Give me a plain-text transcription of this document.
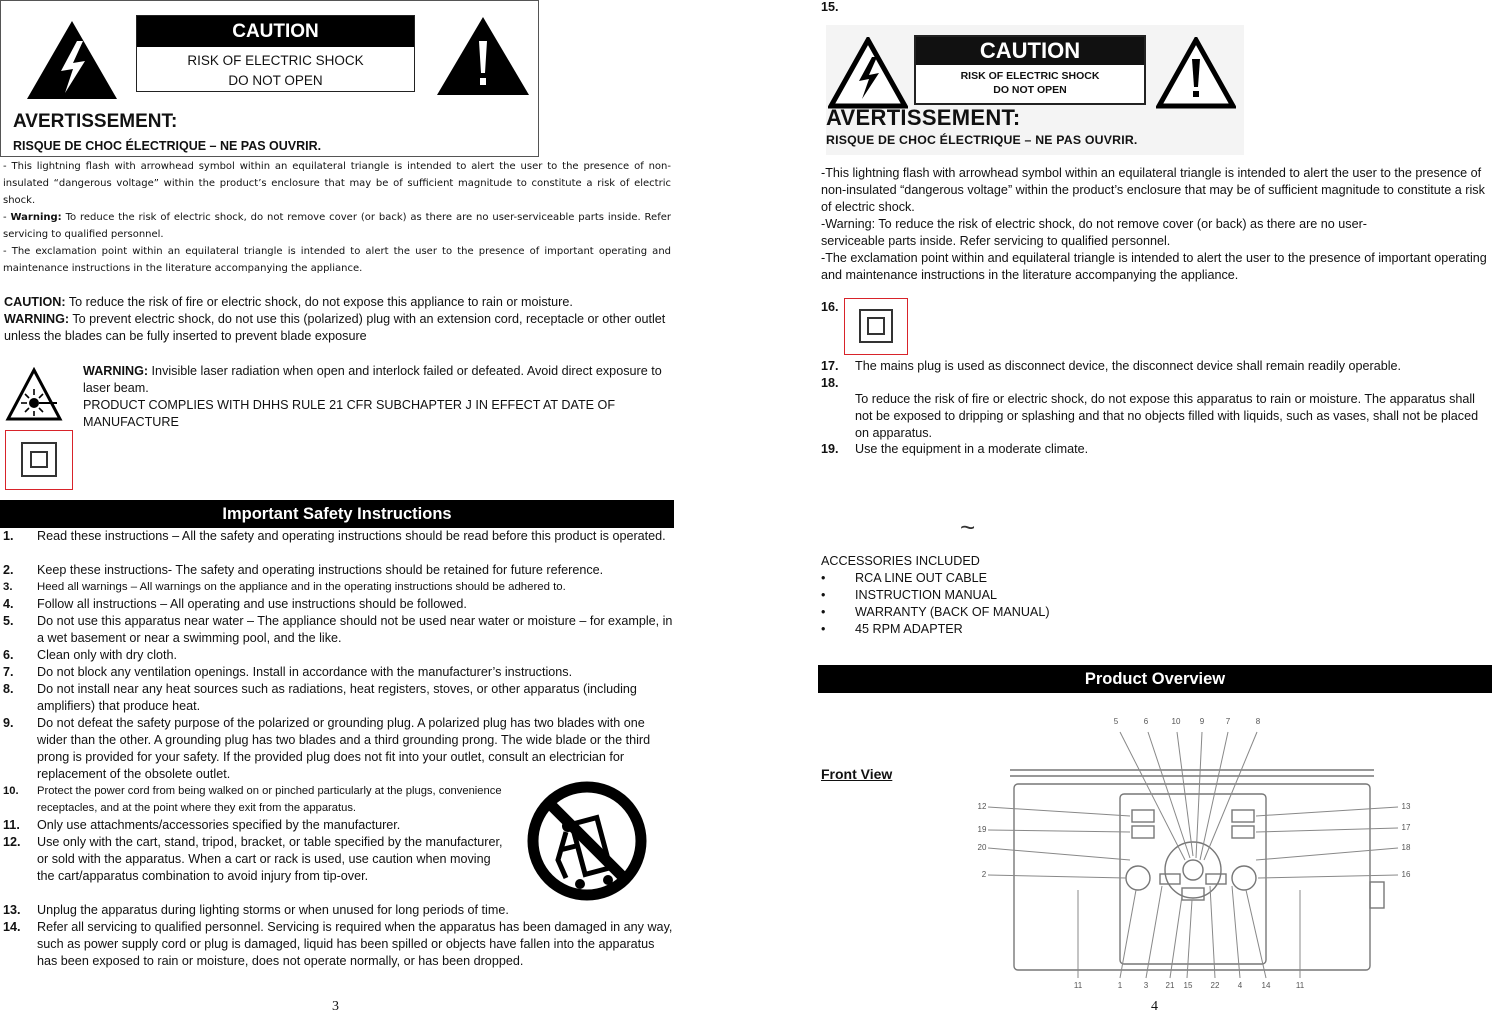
CAUTION
RISK OF ELECTRIC SHOCK
DO NOT OPEN
AVERTISSEMENT:
RISQUE DE CHOC ÉLECTRIQUE – NE PAS OUVRIR.
- This lightning flash with arrowhead symbol within an equilateral triangle is intended to alert the user to the presence of non-insulated “dangerous voltage” within the product’s enclosure that may be of sufficient magnitude to constitute a risk of electric shock.
- Warning: To reduce the risk of electric shock, do not remove cover (or back) as there are no user-serviceable parts inside. Refer servicing to qualified personnel.
- The exclamation point within an equilateral triangle is intended to alert the user to the presence of important operating and maintenance instructions in the literature accompanying the appliance.
CAUTION: To reduce the risk of fire or electric shock, do not expose this appliance to rain or moisture.
WARNING: To prevent electric shock, do not use this (polarized) plug with an extension cord, receptacle or other outlet unless the blades can be fully inserted to prevent blade exposure
WARNING: Invisible laser radiation when open and interlock failed or defeated. Avoid direct exposure to laser beam.
PRODUCT COMPLIES WITH DHHS RULE 21 CFR SUBCHAPTER J IN EFFECT AT DATE OF MANUFACTURE
Important Safety Instructions
1. Read these instructions – All the safety and operating instructions should be read before this product is operated.
2. Keep these instructions- The safety and operating instructions should be retained for future reference.
3. Heed all warnings – All warnings on the appliance and in the operating instructions should be adhered to.
4. Follow all instructions – All operating and use instructions should be followed.
5. Do not use this apparatus near water – The appliance should not be used near water or moisture – for example, in a wet basement or near a swimming pool, and the like.
6. Clean only with dry cloth.
7. Do not block any ventilation openings. Install in accordance with the manufacturer’s instructions.
8. Do not install near any heat sources such as radiations, heat registers, stoves, or other apparatus (including amplifiers) that produce heat.
9. Do not defeat the safety purpose of the polarized or grounding plug. A polarized plug has two blades with one wider than the other. A grounding plug has two blades and a third grounding prong. The wide blade or the third prong is provided for your safety. If the provided plug does not fit into your outlet, consult an electrician for replacement of the obsolete outlet.
10. Protect the power cord from being walked on or pinched particularly at the plugs, convenience receptacles, and at the point where they exit from the apparatus.
11. Only use attachments/accessories specified by the manufacturer.
12. Use only with the cart, stand, tripod, bracket, or table specified by the manufacturer, or sold with the apparatus. When a cart or rack is used, use caution when moving the cart/apparatus combination to avoid injury from tip-over.
13. Unplug the apparatus during lighting storms or when unused for long periods of time.
14. Refer all servicing to qualified personnel. Servicing is required when the apparatus has been damaged in any way, such as power supply cord or plug is damaged, liquid has been spilled or objects have fallen into the apparatus has been exposed to rain or moisture, does not operate normally, or has been dropped.
3
15.
CAUTION
RISK OF ELECTRIC SHOCK
DO NOT OPEN
AVERTISSEMENT:
RISQUE DE CHOC ÉLECTRIQUE – NE PAS OUVRIR.
-This lightning flash with arrowhead symbol within an equilateral triangle is intended to alert the user to the presence of non-insulated “dangerous voltage” within the product’s enclosure that may be of sufficient magnitude to constitute a risk of electric shock.
-Warning: To reduce the risk of electric shock, do not remove cover (or back) as there are no user-serviceable parts inside. Refer servicing to qualified personnel.
-The exclamation point within and equilateral triangle is intended to alert the user to the presence of important operating and maintenance instructions in the literature accompanying the appliance.
16.
17. The mains plug is used as disconnect device, the disconnect device shall remain readily operable.
18.
To reduce the risk of fire or electric shock, do not expose this apparatus to rain or moisture. The apparatus shall not be exposed to dripping or splashing and that no objects filled with liquids, such as vases, shall not be placed on apparatus.
19. Use the equipment in a moderate climate.
~
ACCESSORIES INCLUDED
• RCA LINE OUT CABLE
• INSTRUCTION MANUAL
• WARRANTY (BACK OF MANUAL)
• 45 RPM ADAPTER
Product Overview
Front View
5	6	10 9	7	8
12
19
20
2
13
17
18
16
11	1	3 21 15 22 4 14	11
4
